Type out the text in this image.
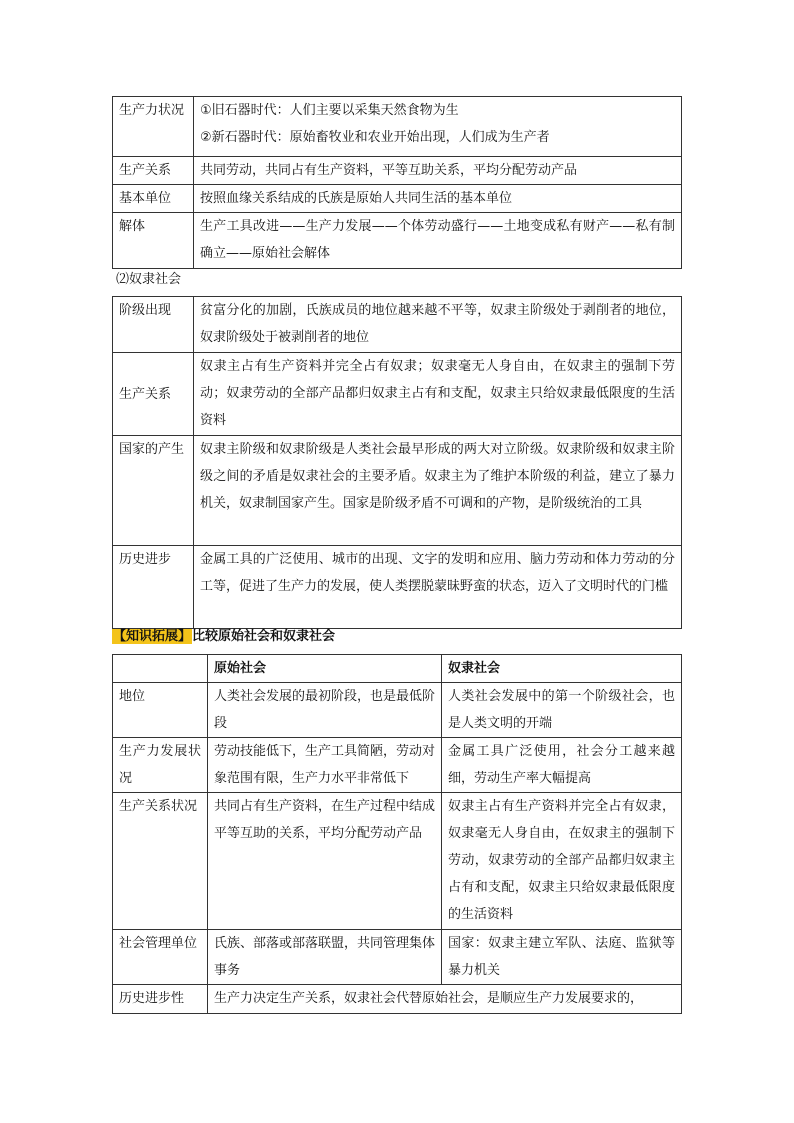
生产力状况	①旧石器时代：人们主要以采集天然食物为生
②新石器时代：原始畜牧业和农业开始出现，人们成为生产者

生产关系	共同劳动，共同占有生产资料，平等互助关系，平均分配劳动产品
基本单位	按照血缘关系结成的氏族是原始人共同生活的基本单位
解体	生产工具改进——生产力发展——个体劳动盛行——土地变成私有财产——私有制确立——原始社会解体
⑵奴隶社会
阶级出现	贫富分化的加剧，氏族成员的地位越来越不平等，奴隶主阶级处于剥削者的地位，奴隶阶级处于被剥削者的地位
生产关系	奴隶主占有生产资料并完全占有奴隶；奴隶毫无人身自由，在奴隶主的强制下劳动；奴隶劳动的全部产品都归奴隶主占有和支配，奴隶主只给奴隶最低限度的生活资料
国家的产生	奴隶主阶级和奴隶阶级是人类社会最早形成的两大对立阶级。奴隶阶级和奴隶主阶级之间的矛盾是奴隶社会的主要矛盾。奴隶主为了维护本阶级的利益，建立了暴力机关，奴隶制国家产生。国家是阶级矛盾不可调和的产物，是阶级统治的工具
历史进步	金属工具的广泛使用、城市的出现、文字的发明和应用、脑力劳动和体力劳动的分工等，促进了生产力的发展，使人类摆脱蒙昧野蛮的状态，迈入了文明时代的门槛
【知识拓展】比较原始社会和奴隶社会
	原始社会	奴隶社会
地位	人类社会发展的最初阶段，也是最低阶段	人类社会发展中的第一个阶级社会，也是人类文明的开端
生产力发展状况	劳动技能低下，生产工具简陋，劳动对象范围有限，生产力水平非常低下	金属工具广泛使用，社会分工越来越细，劳动生产率大幅提高
生产关系状况	共同占有生产资料，在生产过程中结成平等互助的关系，平均分配劳动产品	奴隶主占有生产资料并完全占有奴隶，奴隶毫无人身自由，在奴隶主的强制下劳动，奴隶劳动的全部产品都归奴隶主占有和支配，奴隶主只给奴隶最低限度的生活资料
社会管理单位	氏族、部落或部落联盟，共同管理集体事务	国家：奴隶主建立军队、法庭、监狱等暴力机关
历史进步性	生产力决定生产关系，奴隶社会代替原始社会，是顺应生产力发展要求的，	
